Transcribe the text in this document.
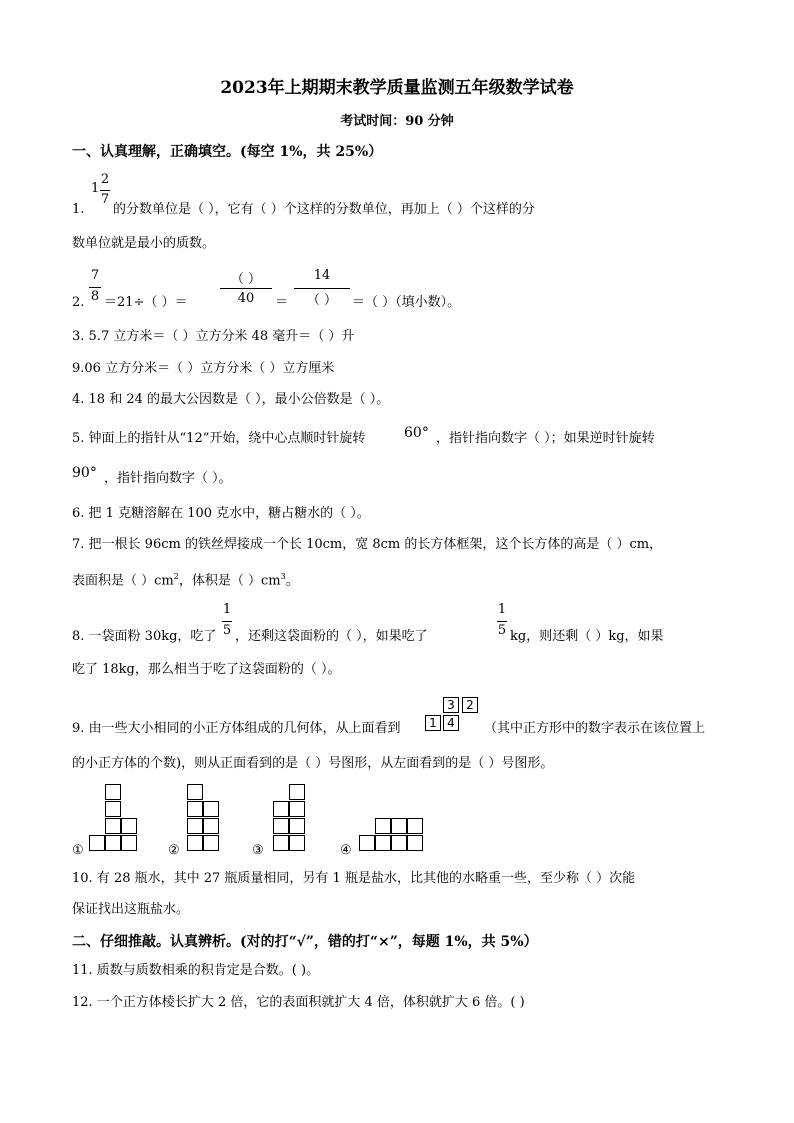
2023年上期期末教学质量监测五年级数学试卷
考试时间：90 分钟
一、认真理解，正确填空。(每空 1%，共 25%）
1
2
7
1. 的分数单位是（ ），它有（ ）个这样的分数单位，再加上（ ）个这样的分
数单位就是最小的质数。
2.
7
8 ＝21÷（ ）＝
（ ）
40	＝
14
（ ）	＝（ ）（填小数）。
3. 5.7 立方米＝（ ）立方分米 48 毫升＝（ ）升
9.06 立方分米＝（ ）立方分米（ ）立方厘米
4. 18 和 24 的最大公因数是（ ），最小公倍数是（ ）。
5. 钟面上的指针从“12”开始，绕中心点顺时针旋转	60° ，指针指向数字（ ）；如果逆时针旋转
90° ，指针指向数字（ ）。
6. 把 1 克糖溶解在 100 克水中，糖占糖水的（ ）。
7. 把一根长 96cm 的铁丝焊接成一个长 10cm，宽 8cm 的长方体框架，这个长方体的高是（ ）cm，
表面积是（ ）$cm^2$，体积是（ ）$cm^3$。
8. 一袋面粉 30kg，吃了
1
5 ，还剩这袋面粉的（ ），如果吃了
1
5 kg，则还剩（ ）kg，如果
吃了 18kg，那么相当于吃了这袋面粉的（ ）。
9. 由一些大小相同的小正方体组成的几何体，从上面看到
3 2
1 4	（其中正方形中的数字表示在该位置上
的小正方体的个数)，则从正面看到的是（ ）号图形，从左面看到的是（ ）号图形。
①	②	③	④
10. 有 28 瓶水，其中 27 瓶质量相同，另有 1 瓶是盐水，比其他的水略重一些，至少称（ ）次能
保证找出这瓶盐水。
二、仔细推敲。认真辨析。(对的打“√”，错的打“×”，每题 1%，共 5%）
11. 质数与质数相乘的积肯定是合数。( )。
12. 一个正方体棱长扩大 2 倍，它的表面积就扩大 4 倍，体积就扩大 6 倍。( )
